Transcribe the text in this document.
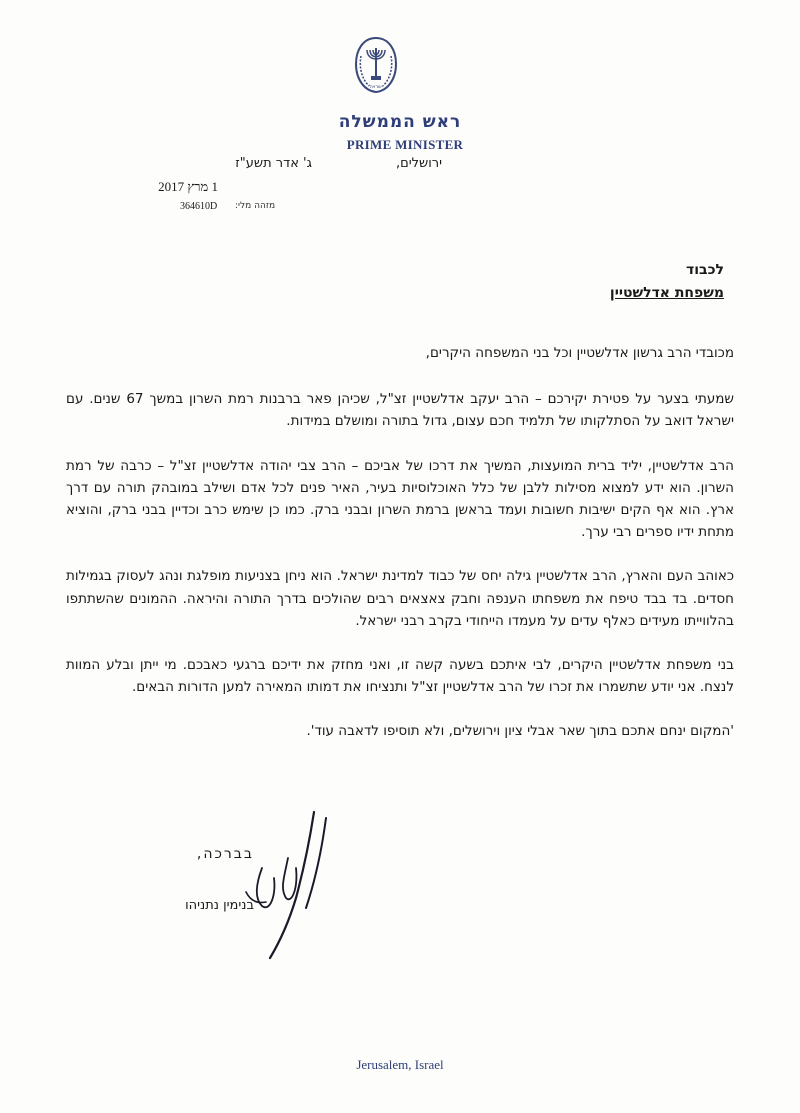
ישראל
ראש הממשלה
PRIME MINISTER
ירושלים,
ג' אדר תשע"ז
1 מרץ 2017
364610D מזהה מלי:
לכבוד
משפחת אדלשטיין

מכובדי הרב גרשון אדלשטיין וכל בני המשפחה היקרים,

שמעתי בצער על פטירת יקירכם – הרב יעקב אדלשטיין זצ"ל, שכיהן פאר ברבנות רמת השרון במשך 67 שנים. עם ישראל דואב על הסתלקותו של תלמיד חכם עצום, גדול בתורה ומושלם במידות.

הרב אדלשטיין, יליד ברית המועצות, המשיך את דרכו של אביכם – הרב צבי יהודה אדלשטיין זצ"ל – כרבה של רמת השרון. הוא ידע למצוא מסילות ללבן של כלל האוכלוסיות בעיר, האיר פנים לכל אדם ושילב במובהק תורה עם דרך ארץ. הוא אף הקים ישיבות חשובות ועמד בראשן ברמת השרון ובבני ברק. כמו כן שימש כרב וכדיין בבני ברק, והוציא מתחת ידיו ספרים רבי ערך.

כאוהב העם והארץ, הרב אדלשטיין גילה יחס של כבוד למדינת ישראל. הוא ניחן בצניעות מופלגת ונהג לעסוק בגמילות חסדים. בד בבד טיפח את משפחתו הענפה וחבק צאצאים רבים שהולכים בדרך התורה והיראה. ההמונים שהשתתפו בהלווייתו מעידים כאלף עדים על מעמדו הייחודי בקרב רבני ישראל.

בני משפחת אדלשטיין היקרים, לבי איתכם בשעה קשה זו, ואני מחזק את ידיכם ברגעי כאבכם. מי ייתן ובלע המוות לנצח. אני יודע שתשמרו את זכרו של הרב אדלשטיין זצ"ל ותנציחו את דמותו המאירה למען הדורות הבאים.

'המקום ינחם אתכם בתוך שאר אבלי ציון וירושלים, ולא תוסיפו לדאבה עוד'.

בברכה,
בנימין נתניהו
Jerusalem, Israel
